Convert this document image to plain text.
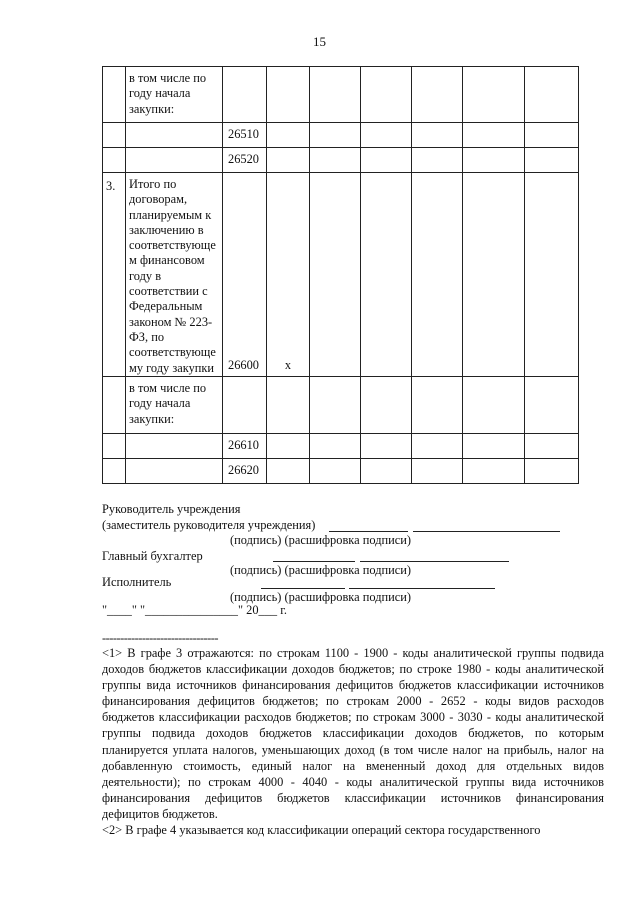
15
	в том числе по году начала закупки:							
		26510						
		26520						
3.	Итого по договорам, планируемым к заключению в соответствующе м финансовом году в соответствии с Федеральным законом № 223-ФЗ, по соответствующе му году закупки	26600	x					
	в том числе по году начала закупки:							
		26610						
		26620						
Руководитель учреждения
(заместитель руководителя учреждения)
(подпись) (расшифровка подписи)
Главный бухгалтер
(подпись) (расшифровка подписи)
Исполнитель
(подпись) (расшифровка подписи)
"____" "_______________" 20___ г.
--------------------------------

<1> В графе 3 отражаются: по строкам 1100 - 1900 - коды аналитической группы подвида доходов бюджетов классификации доходов бюджетов; по строке 1980 - коды аналитической группы вида источников финансирования дефицитов бюджетов классификации источников финансирования дефицитов бюджетов; по строкам 2000 - 2652 - коды видов расходов бюджетов классификации расходов бюджетов; по строкам 3000 - 3030 - коды аналитической группы подвида доходов бюджетов классификации доходов бюджетов, по которым планируется уплата налогов, уменьшающих доход (в том числе налог на прибыль, налог на добавленную стоимость, единый налог на вмененный доход для отдельных видов деятельности); по строкам 4000 - 4040 - коды аналитической группы вида источников финансирования дефицитов бюджетов классификации источников финансирования дефицитов бюджетов.

<2> В графе 4 указывается код классификации операций сектора государственного
